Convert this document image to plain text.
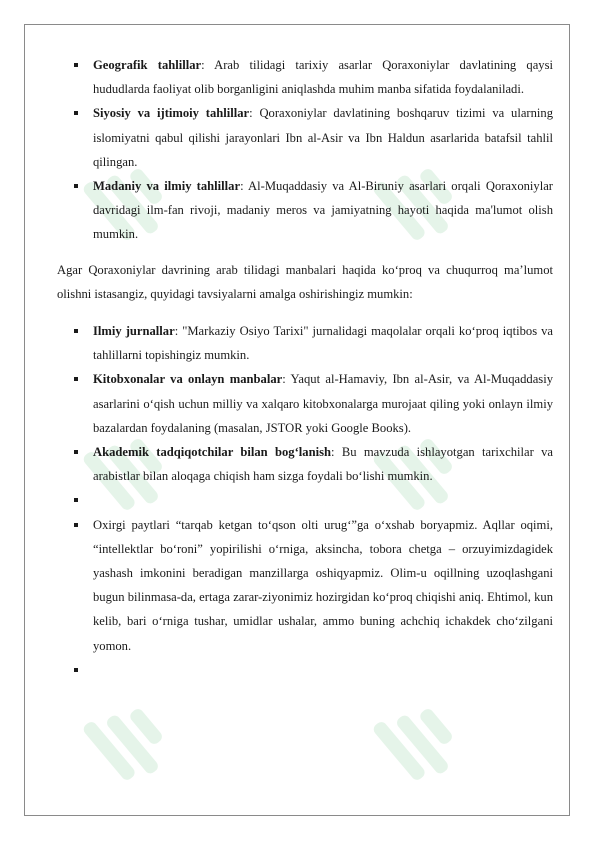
Geografik tahlillar: Arab tilidagi tarixiy asarlar Qoraxoniylar davlatining qaysi hududlarda faoliyat olib borganligini aniqlashda muhim manba sifatida foydalaniladi.
Siyosiy va ijtimoiy tahlillar: Qoraxoniylar davlatining boshqaruv tizimi va ularning islomiyatni qabul qilishi jarayonlari Ibn al-Asir va Ibn Haldun asarlarida batafsil tahlil qilingan.
Madaniy va ilmiy tahlillar: Al-Muqaddasiy va Al-Biruniy asarlari orqali Qoraxoniylar davridagi ilm-fan rivoji, madaniy meros va jamiyatning hayoti haqida ma'lumot olish mumkin.

Agar Qoraxoniylar davrining arab tilidagi manbalari haqida ko‘proq va chuqurroq ma’lumot olishni istasangiz, quyidagi tavsiyalarni amalga oshirishingiz mumkin:

Ilmiy jurnallar: "Markaziy Osiyo Tarixi" jurnalidagi maqolalar orqali ko‘proq iqtibos va tahlillarni topishingiz mumkin.
Kitobxonalar va onlayn manbalar: Yaqut al-Hamaviy, Ibn al-Asir, va Al-Muqaddasiy asarlarini o‘qish uchun milliy va xalqaro kitobxonalarga murojaat qiling yoki onlayn ilmiy bazalardan foydalaning (masalan, JSTOR yoki Google Books).
Akademik tadqiqotchilar bilan bog‘lanish: Bu mavzuda ishlayotgan tarixchilar va arabistlar bilan aloqaga chiqish ham sizga foydali bo‘lishi mumkin.
Oxirgi paytlari “tarqab ketgan to‘qson olti urug‘”ga o‘xshab boryapmiz. Aqllar oqimi, “intellektlar bo‘roni” yopirilishi o‘rniga, aksincha, tobora chetga – orzuyimizdagidek yashash imkonini beradigan manzillarga oshiqyapmiz. Olim-u oqillning uzoqlashgani bugun bilinmasa-da, ertaga zarar-ziyonimiz hozirgidan ko‘proq chiqishi aniq. Ehtimol, kun kelib, bari o‘rniga tushar, umidlar ushalar, ammo buning achchiq ichakdek cho‘zilgani yomon.
